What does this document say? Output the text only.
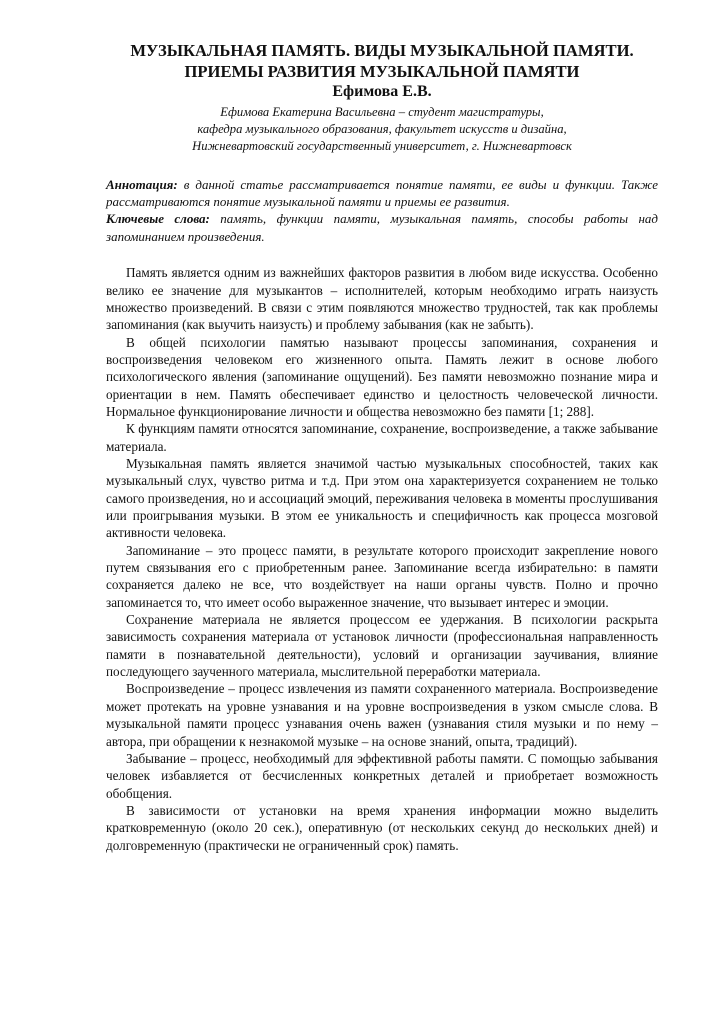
МУЗЫКАЛЬНАЯ ПАМЯТЬ. ВИДЫ МУЗЫКАЛЬНОЙ ПАМЯТИ.

ПРИЕМЫ РАЗВИТИЯ МУЗЫКАЛЬНОЙ ПАМЯТИ

Ефимова Е.В.

Ефимова Екатерина Васильевна – студент магистратуры,

кафедра музыкального образования, факультет искусств и дизайна,

Нижневартовский государственный университет, г. Нижневартовск

Аннотация: в данной статье рассматривается понятие памяти, ее виды и функции. Также рассматриваются понятие музыкальной памяти и приемы ее развития.

Ключевые слова: память, функции памяти, музыкальная память, способы работы над запоминанием произведения.

Память является одним из важнейших факторов развития в любом виде искусства. Особенно велико ее значение для музыкантов – исполнителей, которым необходимо играть наизусть множество произведений. В связи с этим появляются множество трудностей, так как проблемы запоминания (как выучить наизусть) и проблему забывания (как не забыть).

В общей психологии памятью называют процессы запоминания, сохранения и воспроизведения человеком его жизненного опыта. Память лежит в основе любого психологического явления (запоминание ощущений). Без памяти невозможно познание мира и ориентации в нем. Память обеспечивает единство и целостность человеческой личности. Нормальное функционирование личности и общества невозможно без памяти [1; 288].

К функциям памяти относятся запоминание, сохранение, воспроизведение, а также забывание материала.

Музыкальная память является значимой частью музыкальных способностей, таких как музыкальный слух, чувство ритма и т.д. При этом она характеризуется сохранением не только самого произведения, но и ассоциаций эмоций, переживания человека в моменты прослушивания или проигрывания музыки. В этом ее уникальность и специфичность как процесса мозговой активности человека.

Запоминание – это процесс памяти, в результате которого происходит закрепление нового путем связывания его с приобретенным ранее. Запоминание всегда избирательно: в памяти сохраняется далеко не все, что воздействует на наши органы чувств. Полно и прочно запоминается то, что имеет особо выраженное значение, что вызывает интерес и эмоции.

Сохранение материала не является процессом ее удержания. В психологии раскрыта зависимость сохранения материала от установок личности (профессиональная направленность памяти в познавательной деятельности), условий и организации заучивания, влияние последующего заученного материала, мыслительной переработки материала.

Воспроизведение – процесс извлечения из памяти сохраненного материала. Воспроизведение может протекать на уровне узнавания и на уровне воспроизведения в узком смысле слова. В музыкальной памяти процесс узнавания очень важен (узнавания стиля музыки и по нему – автора, при обращении к незнакомой музыке – на основе знаний, опыта, традиций).

Забывание – процесс, необходимый для эффективной работы памяти. С помощью забывания человек избавляется от бесчисленных конкретных деталей и приобретает возможность обобщения.

В зависимости от установки на время хранения информации можно выделить кратковременную (около 20 сек.), оперативную (от нескольких секунд до нескольких дней) и долговременную (практически не ограниченный срок) память.
